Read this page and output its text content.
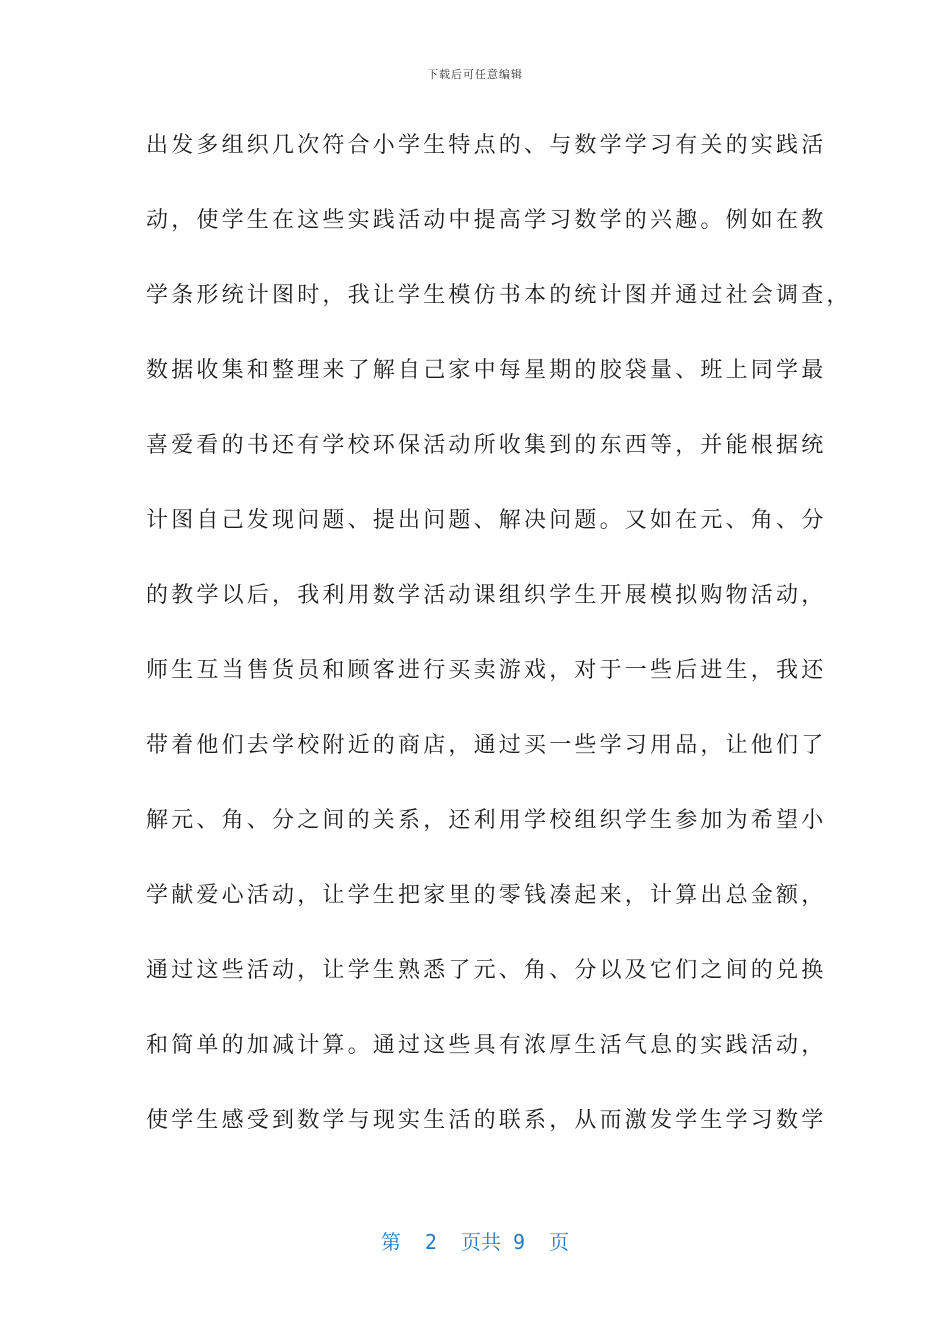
下载后可任意编辑
出发多组织几次符合小学生特点的、与数学学习有关的实践活
动，使学生在这些实践活动中提高学习数学的兴趣。例如在教
学条形统计图时，我让学生模仿书本的统计图并通过社会调查，
数据收集和整理来了解自己家中每星期的胶袋量、班上同学最
喜爱看的书还有学校环保活动所收集到的东西等，并能根据统
计图自己发现问题、提出问题、解决问题。又如在元、角、分
的教学以后，我利用数学活动课组织学生开展模拟购物活动，
师生互当售货员和顾客进行买卖游戏，对于一些后进生，我还
带着他们去学校附近的商店，通过买一些学习用品，让他们了
解元、角、分之间的关系，还利用学校组织学生参加为希望小
学献爱心活动，让学生把家里的零钱凑起来，计算出总金额，
通过这些活动，让学生熟悉了元、角、分以及它们之间的兑换
和简单的加减计算。通过这些具有浓厚生活气息的实践活动，
使学生感受到数学与现实生活的联系，从而激发学生学习数学
第  2  页共 9  页
